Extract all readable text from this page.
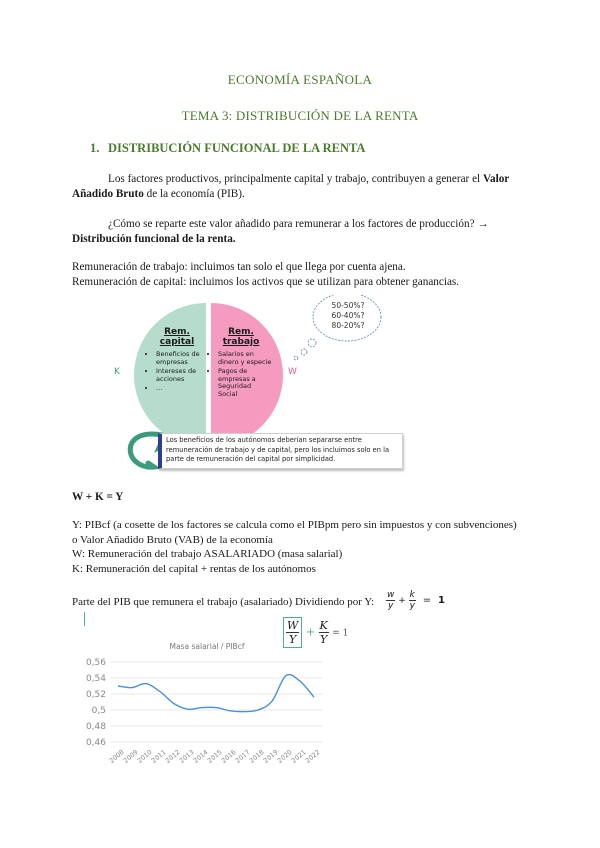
ECONOMÍA ESPAÑOLA
TEMA 3: DISTRIBUCIÓN DE LA RENTA
1. DISTRIBUCIÓN FUNCIONAL DE LA RENTA
Los factores productivos, principalmente capital y trabajo, contribuyen a generar el Valor Añadido Bruto de la economía (PIB).
¿Cómo se reparte este valor añadido para remunerar a los factores de producción? → Distribución funcional de la renta.
Remuneración de trabajo: incluimos tan solo el que llega por cuenta ajena.
Remuneración de capital: incluimos los activos que se utilizan para obtener ganancias.
50-50%?
60-40%?
80-20%?
K	W
Rem.
capital
• Beneficios de empresas
• Intereses de acciones
• …
Rem.
trabajo
• Salarios en dinero y especie
• Pagos de empresas a Seguridad Social
Los beneficios de los autónomos deberían separarse entre remuneración de trabajo y de capital, pero los incluimos solo en la parte de remuneración del capital por simplicidad.
W + K = Y
Y: PIBcf (a cosette de los factores se calcula como el PIBpm pero sin impuestos y con subvenciones)
o Valor Añadido Bruto (VAB) de la economía
W: Remuneración del trabajo ASALARIADO (masa salarial)
K: Remuneración del capital + rentas de los autónomos
Parte del PIB que remunera el trabajo (asalariado) Dividiendo por Y: $\frac{w}{y} + \frac{k}{y} = 1$
$\frac{W}{Y} + \frac{K}{Y} = 1$
Masa salarial / PIBcf
0,56
0,54
0,52
0,5
0,48
0,46
2008
2009
2010
2011
2012
2013
2014
2015
2016
2017
2018
2019
2020
2021
2022
